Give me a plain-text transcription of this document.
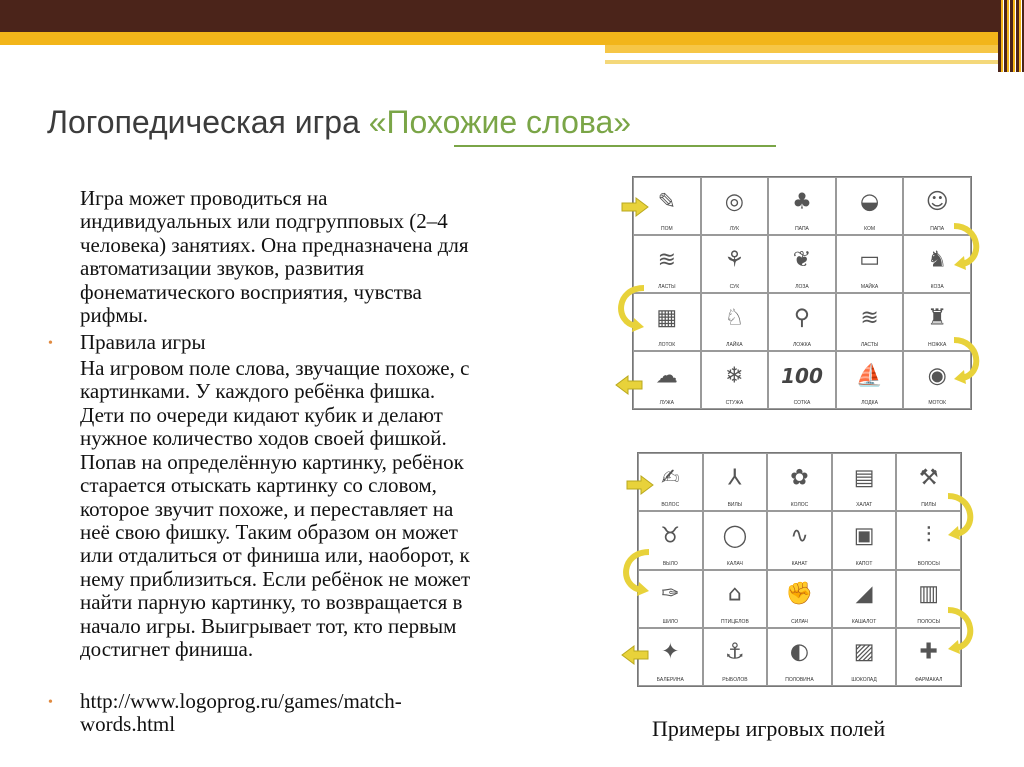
Логопедическая игра «Похожие слова»
Игра может проводиться на
индивидуальных или подгрупповых (2–4
человека) занятиях. Она предназначена для
автоматизации звуков, развития
фонематического восприятия, чувства
рифмы.
• Правила игры
На игровом поле слова, звучащие похоже, с
картинками. У каждого ребёнка фишка.
Дети по очереди кидают кубик и делают
нужное количество ходов своей фишкой.
Попав на определённую картинку, ребёнок
старается отыскать картинку со словом,
которое звучит похоже, и переставляет на
неё свою фишку. Таким образом он может
или отдалиться от финиша или, наоборот, к
нему приблизиться. Если ребёнок не может
найти парную картинку, то возвращается в
начало игры. Выигрывает тот, кто первым
достигнет финиша.
• http://www.logoprog.ru/games/match-
words.html
✎
ПОМ
◎
ЛУК
♣
ПАПА
◒
КОМ
☺
ПАПА
≋
ЛАСТЫ
⚘
СУК
❦
ЛОЗА
▭
МАЙКА
♞
КОЗА
▦
ЛОТОК
♘
ЛАЙКА
⚲
ЛОЖКА
≋
ЛАСТЫ
♜
НОЖКА
☁
ЛУЖА
❄
СТУЖА
100
СОТКА
⛵
ЛОДКА
◉
МОТОК
✍
ВОЛОС
⅄
ВИЛЫ
✿
КОЛОС
▤
ХАЛАТ
⚒
ПИЛЫ
♉
ВЫЛО
◯
КАЛАЧ
∿
КАНАТ
▣
КАПОТ
⫶
ВОЛОСЫ
✑
ШИЛО
⌂
ПТИЦЕЛОВ
✊
СИЛАЧ
◢
КАШАЛОТ
▥
ПОЛОСЫ
✦
БАЛЕРИНА
⚓
РЫБОЛОВ
◐
ПОЛОВИНА
▨
ШОКОЛАД
✚
ФАРМАКАЛ
Примеры игровых полей
